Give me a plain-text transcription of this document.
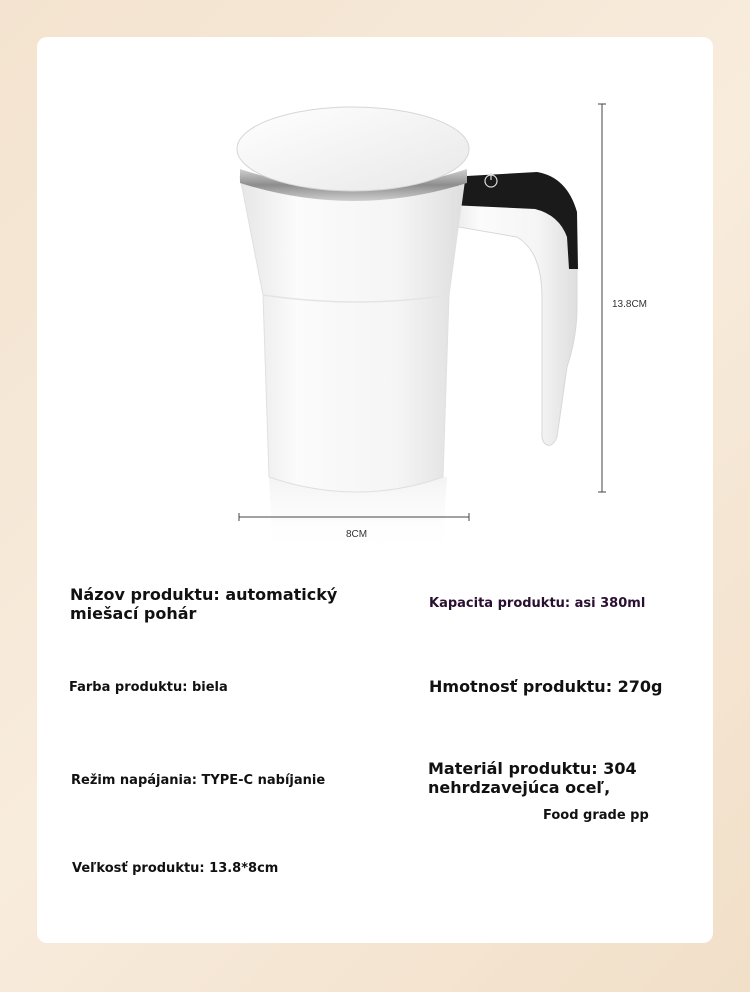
13.8CM
8CM
Názov produktu: automatický miešací pohár
Kapacita produktu: asi 380ml
Farba produktu: biela	Hmotnosť produktu: 270g
Režim napájania: TYPE-C nabíjanie
Materiál produktu: 304 nehrdzavejúca oceľ,
Food grade pp
Veľkosť produktu: 13.8*8cm
